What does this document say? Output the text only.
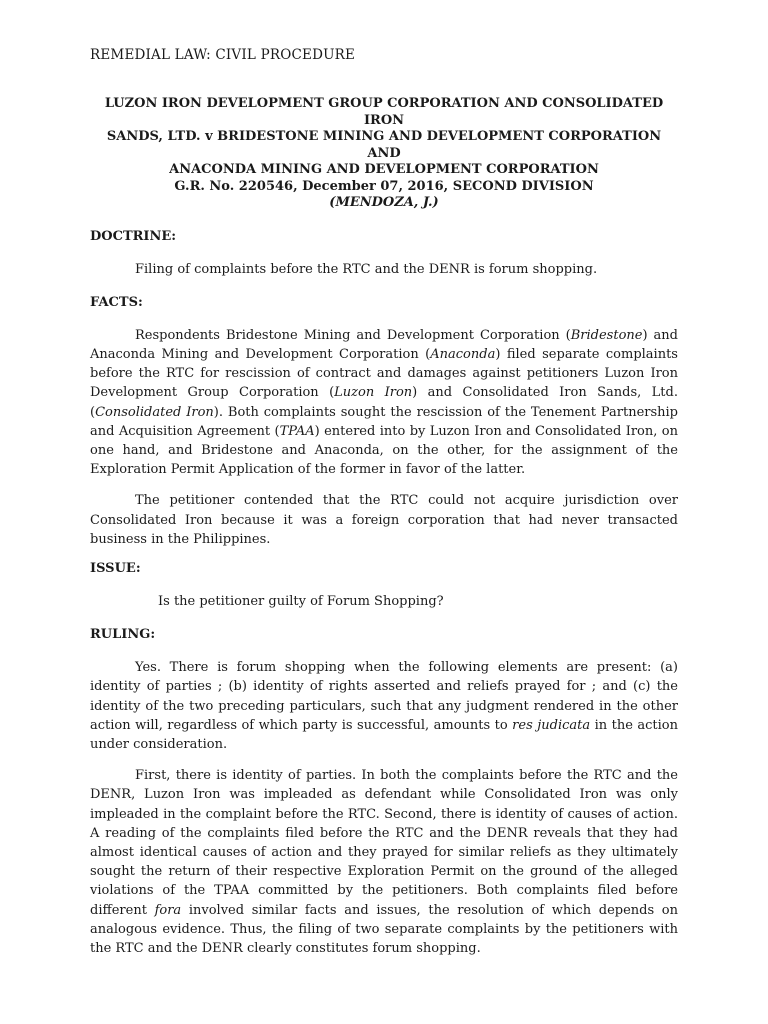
REMEDIAL LAW: CIVIL PROCEDURE
LUZON IRON DEVELOPMENT GROUP CORPORATION AND CONSOLIDATED IRON
SANDS, LTD. v BRIDESTONE MINING AND DEVELOPMENT CORPORATION AND
ANACONDA MINING AND DEVELOPMENT CORPORATION
G.R. No. 220546, December 07, 2016, SECOND DIVISION
(MENDOZA, J.)
DOCTRINE:

Filing of complaints before the RTC and the DENR is forum shopping.

FACTS:

Respondents Bridestone Mining and Development Corporation (Bridestone) and Anaconda Mining and Development Corporation (Anaconda) filed separate complaints before the RTC for rescission of contract and damages against petitioners Luzon Iron Development Group Corporation (Luzon Iron) and Consolidated Iron Sands, Ltd. (Consolidated Iron). Both complaints sought the rescission of the Tenement Partnership and Acquisition Agreement (TPAA) entered into by Luzon Iron and Consolidated Iron, on one hand, and Bridestone and Anaconda, on the other, for the assignment of the Exploration Permit Application of the former in favor of the latter.

The petitioner contended that the RTC could not acquire jurisdiction over Consolidated Iron because it was a foreign corporation that had never transacted business in the Philippines.

ISSUE:

Is the petitioner guilty of Forum Shopping?

RULING:

Yes. There is forum shopping when the following elements are present: (a) identity of parties ; (b) identity of rights asserted and reliefs prayed for ; and (c) the identity of the two preceding particulars, such that any judgment rendered in the other action will, regardless of which party is successful, amounts to res judicata in the action under consideration.

First, there is identity of parties. In both the complaints before the RTC and the DENR, Luzon Iron was impleaded as defendant while Consolidated Iron was only impleaded in the complaint before the RTC. Second, there is identity of causes of action. A reading of the complaints filed before the RTC and the DENR reveals that they had almost identical causes of action and they prayed for similar reliefs as they ultimately sought the return of their respective Exploration Permit on the ground of the alleged violations of the TPAA committed by the petitioners. Both complaints filed before different fora involved similar facts and issues, the resolution of which depends on analogous evidence. Thus, the filing of two separate complaints by the petitioners with the RTC and the DENR clearly constitutes forum shopping.
